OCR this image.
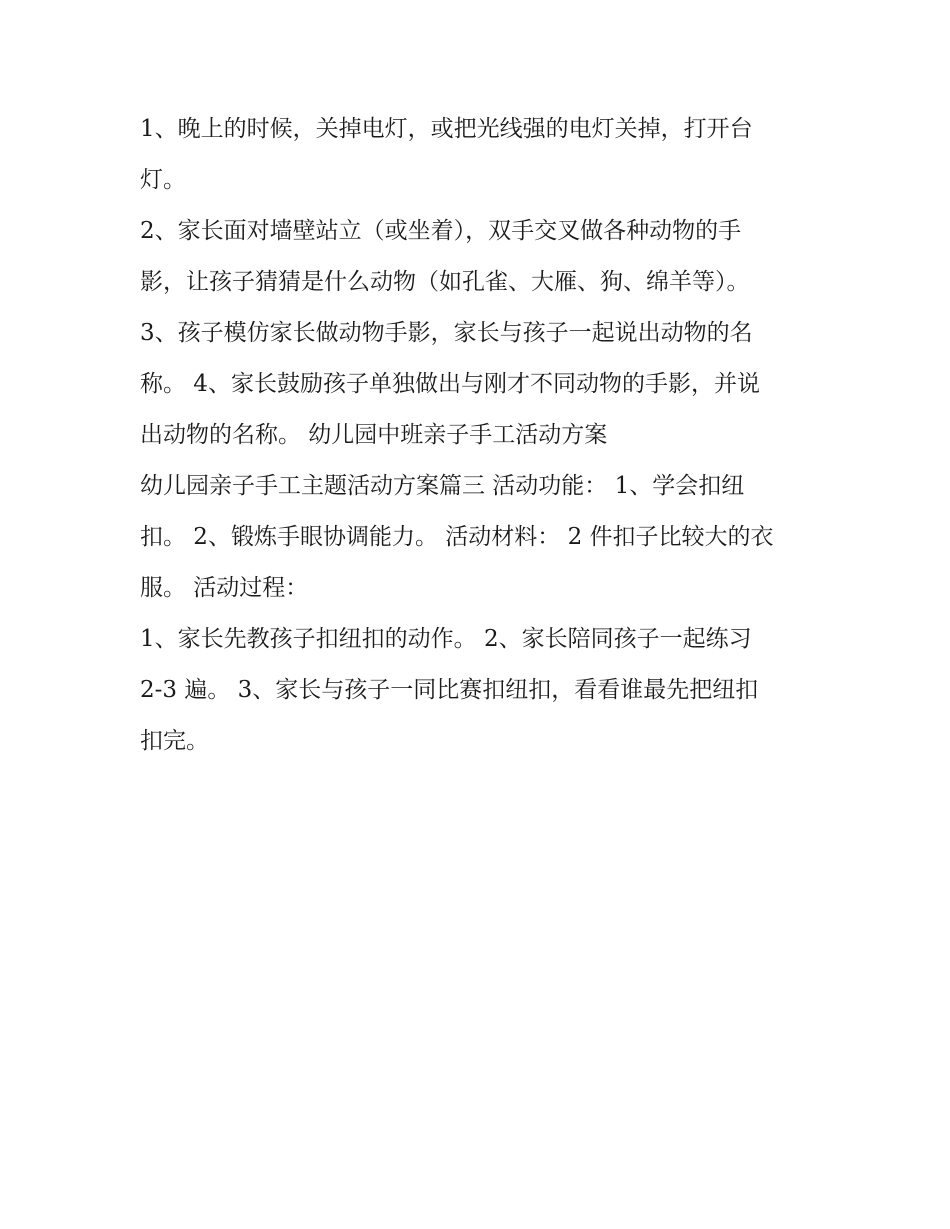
1、晚上的时候，关掉电灯，或把光线强的电灯关掉，打开台
灯。
2、家长面对墙壁站立（或坐着），双手交叉做各种动物的手
影，让孩子猜猜是什么动物（如孔雀、大雁、狗、绵羊等）。
3、孩子模仿家长做动物手影，家长与孩子一起说出动物的名
称。 4、家长鼓励孩子单独做出与刚才不同动物的手影，并说
出动物的名称。 幼儿园中班亲子手工活动方案
幼儿园亲子手工主题活动方案篇三 活动功能： 1、学会扣纽
扣。 2、锻炼手眼协调能力。 活动材料： 2 件扣子比较大的衣
服。 活动过程：
1、家长先教孩子扣纽扣的动作。 2、家长陪同孩子一起练习
2-3 遍。 3、家长与孩子一同比赛扣纽扣，看看谁最先把纽扣
扣完。
